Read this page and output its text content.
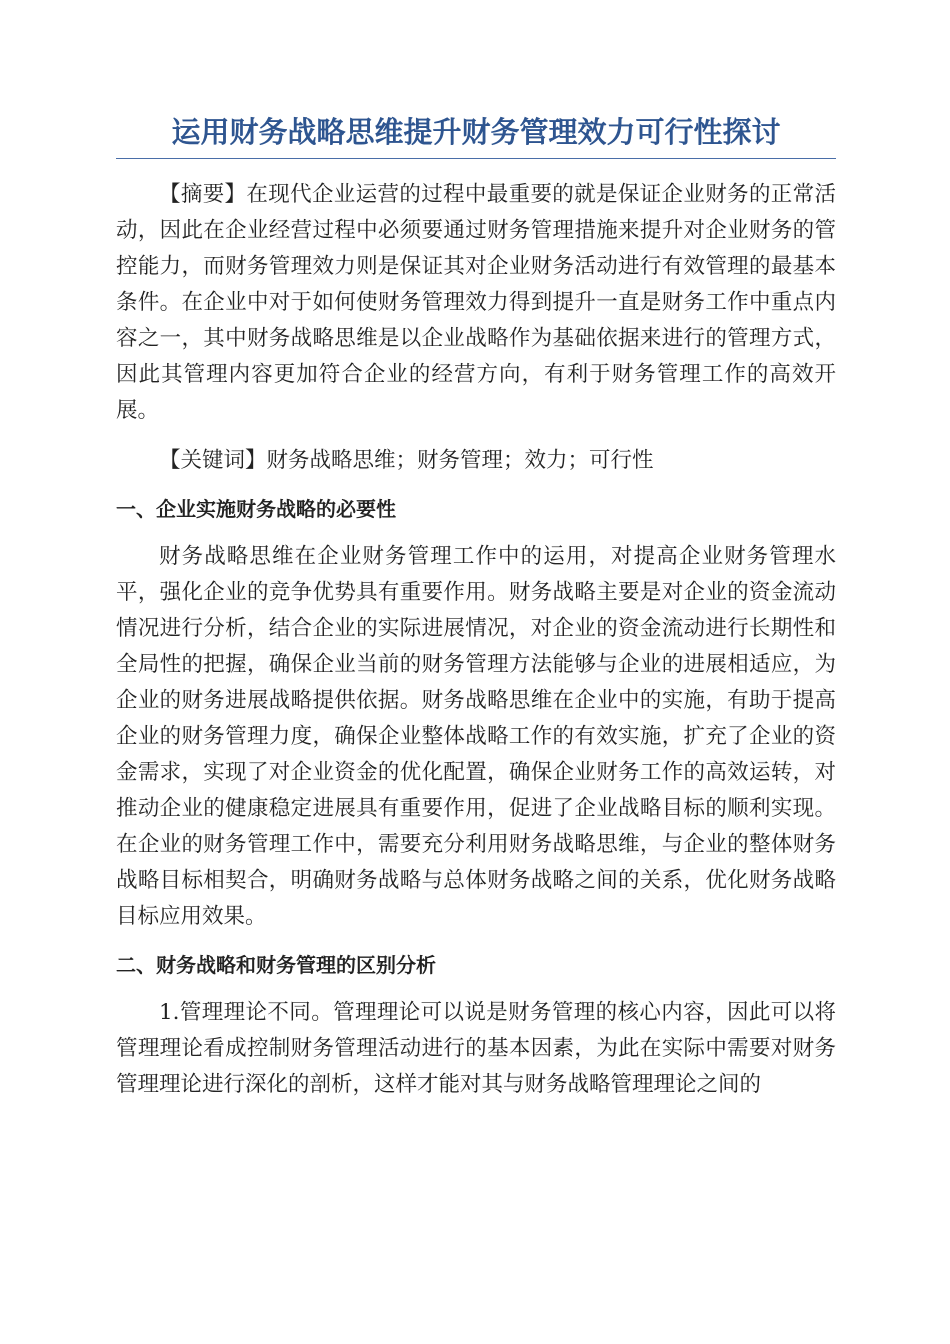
运用财务战略思维提升财务管理效力可行性探讨

【摘要】在现代企业运营的过程中最重要的就是保证企业财务的正常活动，因此在企业经营过程中必须要通过财务管理措施来提升对企业财务的管控能力，而财务管理效力则是保证其对企业财务活动进行有效管理的最基本条件。在企业中对于如何使财务管理效力得到提升一直是财务工作中重点内容之一，其中财务战略思维是以企业战略作为基础依据来进行的管理方式，因此其管理内容更加符合企业的经营方向，有利于财务管理工作的高效开展。

【关键词】财务战略思维；财务管理；效力；可行性

一、企业实施财务战略的必要性

财务战略思维在企业财务管理工作中的运用，对提高企业财务管理水平，强化企业的竞争优势具有重要作用。财务战略主要是对企业的资金流动情况进行分析，结合企业的实际进展情况，对企业的资金流动进行长期性和全局性的把握，确保企业当前的财务管理方法能够与企业的进展相适应，为企业的财务进展战略提供依据。财务战略思维在企业中的实施，有助于提高企业的财务管理力度，确保企业整体战略工作的有效实施，扩充了企业的资金需求，实现了对企业资金的优化配置，确保企业财务工作的高效运转，对推动企业的健康稳定进展具有重要作用，促进了企业战略目标的顺利实现。在企业的财务管理工作中，需要充分利用财务战略思维，与企业的整体财务战略目标相契合，明确财务战略与总体财务战略之间的关系，优化财务战略目标应用效果。

二、财务战略和财务管理的区别分析

1.管理理论不同。管理理论可以说是财务管理的核心内容，因此可以将管理理论看成控制财务管理活动进行的基本因素，为此在实际中需要对财务管理理论进行深化的剖析，这样才能对其与财务战略管理理论之间的
